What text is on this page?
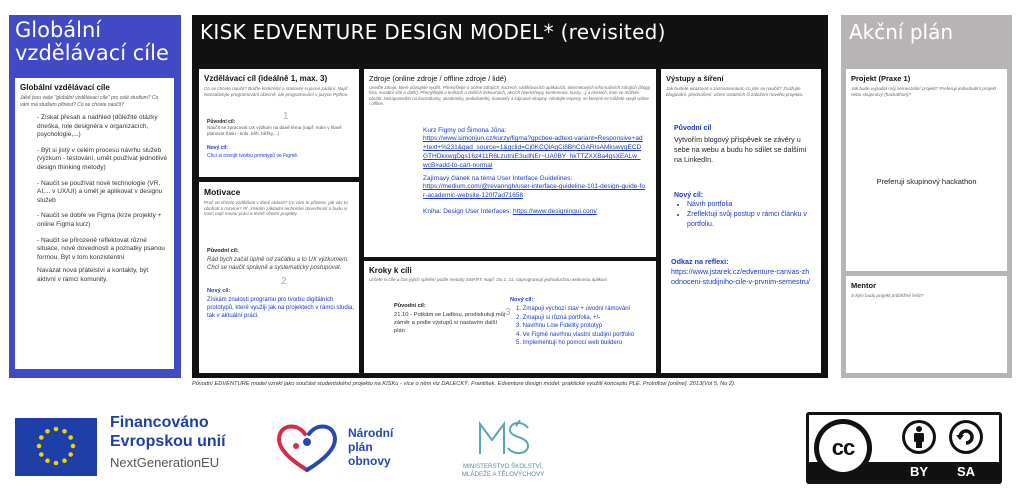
Globální vzdělávací cíle
Globální vzdělávací cíle
Jaké jsou vaše "globální vzdělávací cíle" pro celé studium? Co vám má studium přinést? Co se chcete naučit?
- Získat přesah a nadhled (důležité otázky dneška, role designéra v organizacích, psychologie,...)
- Být si jistý v celém procesu návrhu služeb (výzkum - testování, umět používat jednotlivé design thinking metody)
- Naučit se používat nové technologie (VR, AI,... v UX/UI) a umět je aplikovat v designu služeb
- Naučit se dobře ve Figma (krze projekty + online Figma kurz)
- Naučit se přirozeně reflektovat různé situace, nové dovednosti a poznatky psanou formou. Být v tom konzistentní
Navázat nová přátelství a kontakty, být aktivní v rámci komunity.
KISK EDVENTURE DESIGN MODEL* (revisited)
Vzdělávací cíl (ideálně 1, max. 3)
Co se chcete naučit? Buďte konkrétní a stanovte si jasné zadání. Např. Nezadávejte programování obecně, ale programování v jazyce Python.
1
Původní cíl:
Naučit se zpracovat UX výzkum na dané téma (např. mám v hlavě plánovat trasu - kolo, běh, běžky,...)
Nový cíl:
Chci si osvojit tvorbu prototypů ve Figmě.
Motivace
Proč se chcete vzdělávat v dané oblasti? Co vám to přinese, jak vás to obohatí a rozvine? Př. získám základní technické dovednosti a budu si moci najít novou práci a levně vlastní projekty.
Původní cíl:
Rád bych začal úplně od začátku a to UX výzkumem. Chci se naučit správně a systematicky postupovat.
2
Nový cíl:
Získám znalosti programu pro tvorbu digitálních prototypů, které využiji jak na projektech v rámci studia, tak v aktuální práci.
Zdroje (online zdroje / offline zdroje / lidé)
Uveďte zdroje, které plánujete využít. Přemýšlejte o online zdrojích: kurzech, vzdělávacích aplikacích, internetových informačních zdrojích (blogy, fóra, sociální sítě a další). Přemýšlejte o knihách a dalších tiskovinách, akcích (workshopy, konference, kurzy,...) a místech, kam se můžete obrátit. Nezapomeňte na konzultanty, akademiky, podnikatele), komunity a zájmové skupiny. Hledejte experty, se kterými se můžete spojit online i offline.
Kurz Figmy od Šimona Jůna:
https://www.simonjun.cz/kurzy/figma?gpcbee-adtext-variant=Responsive+ad+text+%231&gad_source=1&gclid=Cj0KCQiAgCi8BhCGARIsAMkswygECDGTHDkxwgDgs16z411R6LzutnIE3udNEr~UA0BY_hkTTZXXBa4gsXEALw_wcB#add-to-cart-normal
Zajímavý článek na téma User Interface Guidelines:
https://medium.com/@revanngh/user-interface-guideline-101-design-guide-for-academic-website-120f7ad71658
Kniha: Design User Interfaces: https://www.designingui.com/
Kroky k cíli
Určete si cíle a čas jejich splnění podle metody SMART. Např. Do 1. 11. naprogramují jednoduchou webovou aplikaci
Původní cíl:
21.10 - Potkám se Ladkou, prodiskutuji můj záměr a podle výstupů si nastavím další plán
3
Nový cíl:
1. Zmapuji výchozí stav + úvodní rámování
2. Zmapuji si různá portfolia, +/-
3. Navrhnu Low Fidelity prototyp
4. Ve Figmě navrhnu vlastní studijní portfolio
5. Implementuji ho pomocí web builderu
Výstupy a šíření
Jak budete ukazovat a zaznamenávat, co jste se naučili? Zvažujte blogování, přednášení, učení ostatních či založení nového projektu.
Původní cíl
Vytvořím blogový příspěvek se závěry u sebe na webu a budu ho sdílet se dalšími na LinkedIn.
Nový cíl:
• Návrh portfolia
• Zreflektuji svůj postup v rámci článku v portfoliu.
Odkaz na reflexi:
https://www.jstarek.cz/edventure-canvas-zhodnoceni-studijniho-cile-v-prvnim-semestru/
Akční plán
Projekt (Praxe 1)
Jak bude vypadat můj semestrální projekt? Preferuji individuální projekt nebo skupinový (hackathon)?
Preferuji skupinový hackathon
Mentor
S kým budu projekt průběžně řešit?
Původní EDVENTURE model vznikl jako součást studentského projektu na KISKu - více o něm viz DALECKÝ, František. Edventure design model: praktické využití konceptu PLE. ProInflow [online]. 2013(Vol 5, No 2).
Financováno
Evropskou unií
NextGenerationEU
Národní
plán
obnovy	MINISTERSTVO ŠKOLSTVÍ,
MLÁDEŽE A TĚLOVÝCHOVY
cc
BY	SA
